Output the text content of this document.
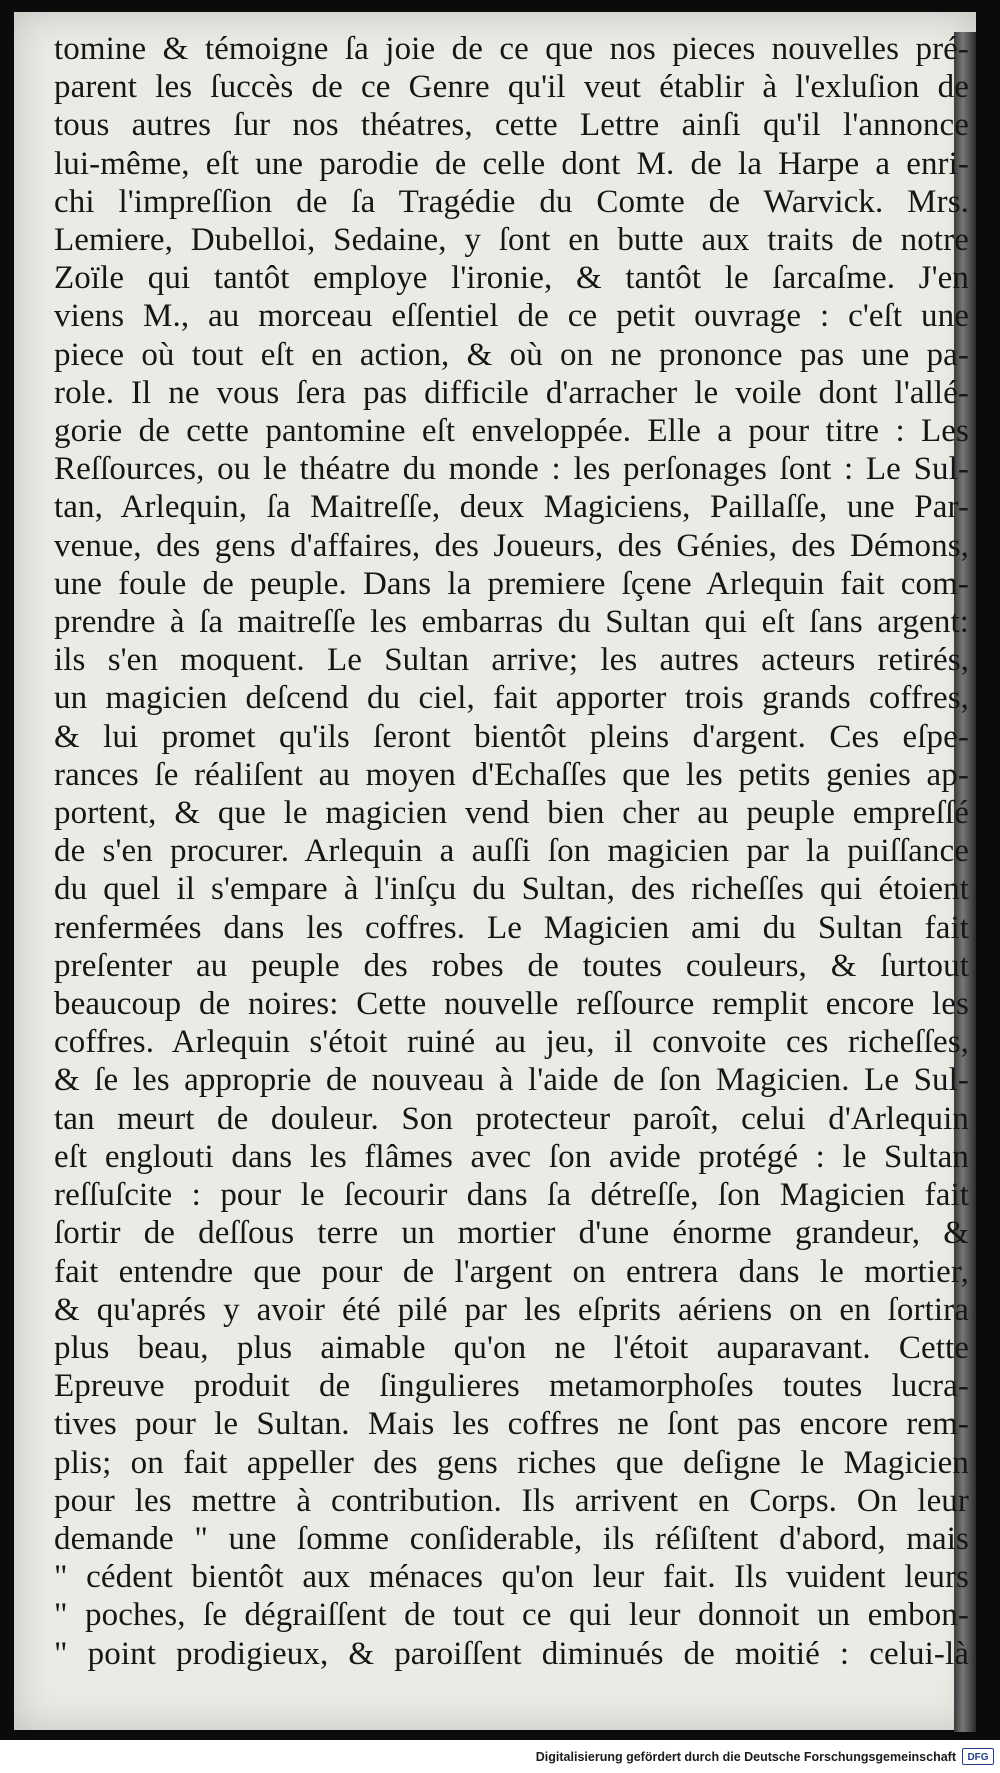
tomine & témoigne ſa joie de ce que nos pieces nouvelles pré-
parent les ſuccès de ce Genre qu'il veut établir à l'exluſion de
tous autres ſur nos théatres, cette Lettre ainſi qu'il l'annonce
lui-même, eſt une parodie de celle dont M. de la Harpe a enri-
chi l'impreſſion de ſa Tragédie du Comte de Warvick. Mrs.
Lemiere, Dubelloi, Sedaine, y ſont en butte aux traits de notre
Zoïle qui tantôt employe l'ironie, & tantôt le ſarcaſme. J'en
viens M., au morceau eſſentiel de ce petit ouvrage : c'eſt une
piece où tout eſt en action, & où on ne prononce pas une pa-
role. Il ne vous ſera pas difficile d'arracher le voile dont l'allé-
gorie de cette pantomine eſt enveloppée. Elle a pour titre : Les
Reſſources, ou le théatre du monde : les perſonages ſont : Le Sul-
tan, Arlequin, ſa Maitreſſe, deux Magiciens, Paillaſſe, une Par-
venue, des gens d'affaires, des Joueurs, des Génies, des Démons,
une foule de peuple. Dans la premiere ſçene Arlequin fait com-
prendre à ſa maitreſſe les embarras du Sultan qui eſt ſans argent:
ils s'en moquent. Le Sultan arrive; les autres acteurs retirés,
un magicien deſcend du ciel, fait apporter trois grands coffres,
& lui promet qu'ils ſeront bientôt pleins d'argent. Ces eſpe-
rances ſe réaliſent au moyen d'Echaſſes que les petits genies ap-
portent, & que le magicien vend bien cher au peuple empreſſé
de s'en procurer. Arlequin a auſſi ſon magicien par la puiſſance
du quel il s'empare à l'inſçu du Sultan, des richeſſes qui étoient
renfermées dans les coffres. Le Magicien ami du Sultan fait
preſenter au peuple des robes de toutes couleurs, & ſurtout
beaucoup de noires: Cette nouvelle reſſource remplit encore les
coffres. Arlequin s'étoit ruiné au jeu, il convoite ces richeſſes,
& ſe les approprie de nouveau à l'aide de ſon Magicien. Le Sul-
tan meurt de douleur. Son protecteur paroît, celui d'Arlequin
eſt englouti dans les flâmes avec ſon avide protégé : le Sultan
reſſuſcite : pour le ſecourir dans ſa détreſſe, ſon Magicien fait
ſortir de deſſous terre un mortier d'une énorme grandeur, &
fait entendre que pour de l'argent on entrera dans le mortier,
& qu'aprés y avoir été pilé par les eſprits aériens on en ſortira
plus beau, plus aimable qu'on ne l'étoit auparavant. Cette
Epreuve produit de ſingulieres metamorphoſes toutes lucra-
tives pour le Sultan. Mais les coffres ne ſont pas encore rem-
plis; on fait appeller des gens riches que deſigne le Magicien
pour les mettre à contribution. Ils arrivent en Corps. On leur
demande " une ſomme conſiderable, ils réſiſtent d'abord, mais
" cédent bientôt aux ménaces qu'on leur fait. Ils vuident leurs
" poches, ſe dégraiſſent de tout ce qui leur donnoit un embon-
" point prodigieux, & paroiſſent diminués de moitié : celui-là
Digitalisierung gefördert durch die Deutsche Forschungsgemeinschaft	DFG
